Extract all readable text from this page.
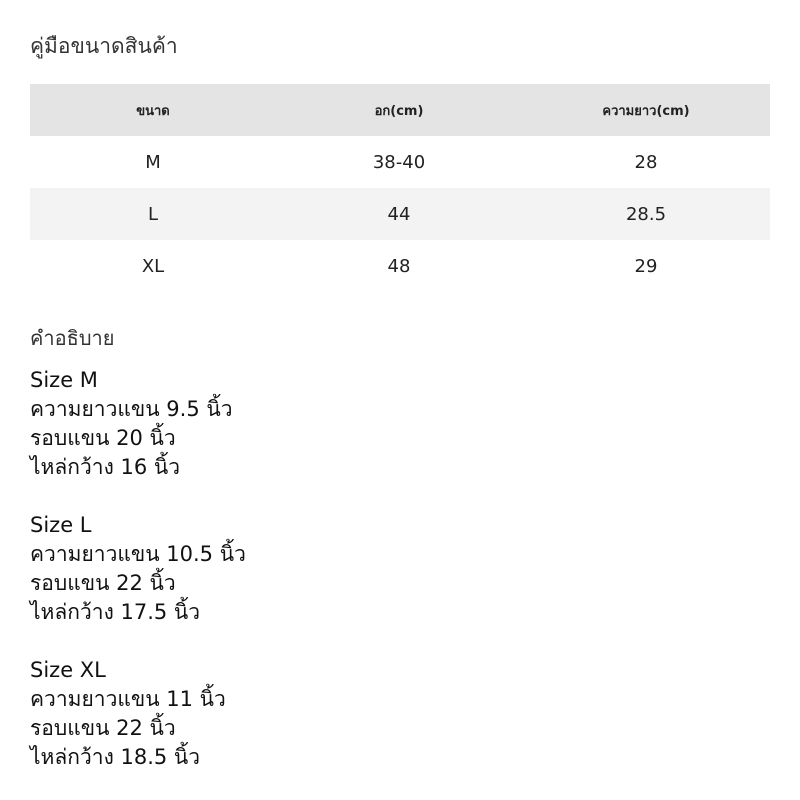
คู่มือขนาดสินค้า
ขนาด	อก(cm)	ความยาว(cm)
M	38-40	28
L	44	28.5
XL	48	29
คำอธิบาย
Size M
ความยาวแขน 9.5 นิ้ว
รอบแขน 20 นิ้ว
ไหล่กว้าง 16 นิ้ว
Size L
ความยาวแขน 10.5 นิ้ว
รอบแขน 22 นิ้ว
ไหล่กว้าง 17.5 นิ้ว
Size XL
ความยาวแขน 11 นิ้ว
รอบแขน 22 นิ้ว
ไหล่กว้าง 18.5 นิ้ว
